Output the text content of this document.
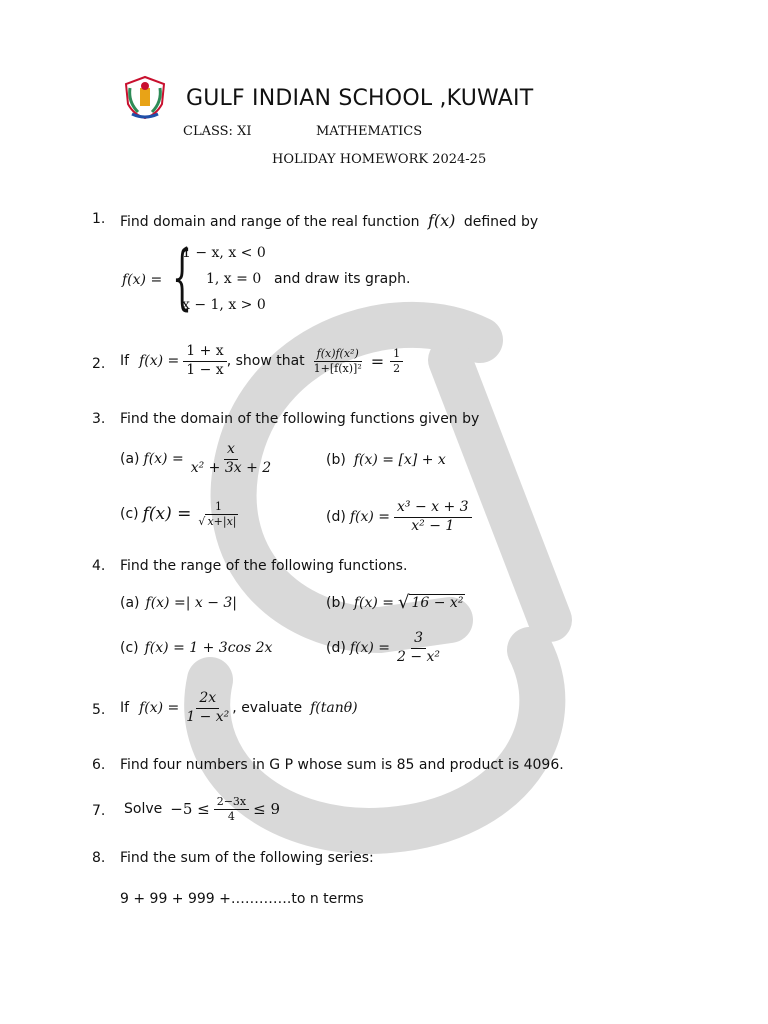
GULF INDIAN SCHOOL ,KUWAIT
CLASS: XI	MATHEMATICS
HOLIDAY HOMEWORK 2024-25
1. Find domain and range of the real function f(x) defined by
f(x) = {
1 − x, x < 0
1, x = 0
x − 1, x > 0
and draw its graph.
2. If $f(x) = \frac{1 + x}{1 - x}$ , show that $\frac{\text{f(x)f(x²)}}{\text{1+[f(x)]²}} = \frac{1}{2}$
3. Find the domain of the following functions given by
(a) $f(x) = \frac{x}{\text{x² + 3x + 2}}$	(b) f(x) = [x] + x
(c) $f(x) = \frac{1}{√ x+|x|}$	(d) $f(x) = \frac{\text{x³ − x + 3}}{\text{x² − 1}}$
4. Find the range of the following functions.
(a) f(x) =| x − 3|	(b) f(x) = √ 16 − x²
(c) f(x) = 1 + 3cos 2x	(d) $f(x) = \frac{3}{\text{2 − x²}}$
5. If $f(x) = \frac{2x}{\text{1 − x²}}$ , evaluate f(tanθ)
6. Find four numbers in G P whose sum is 85 and product is 4096.
7. Solve $-5 \le \frac{2-3x}{4} \le 9$
8. Find the sum of the following series:
9 + 99 + 999 +………….to n terms
